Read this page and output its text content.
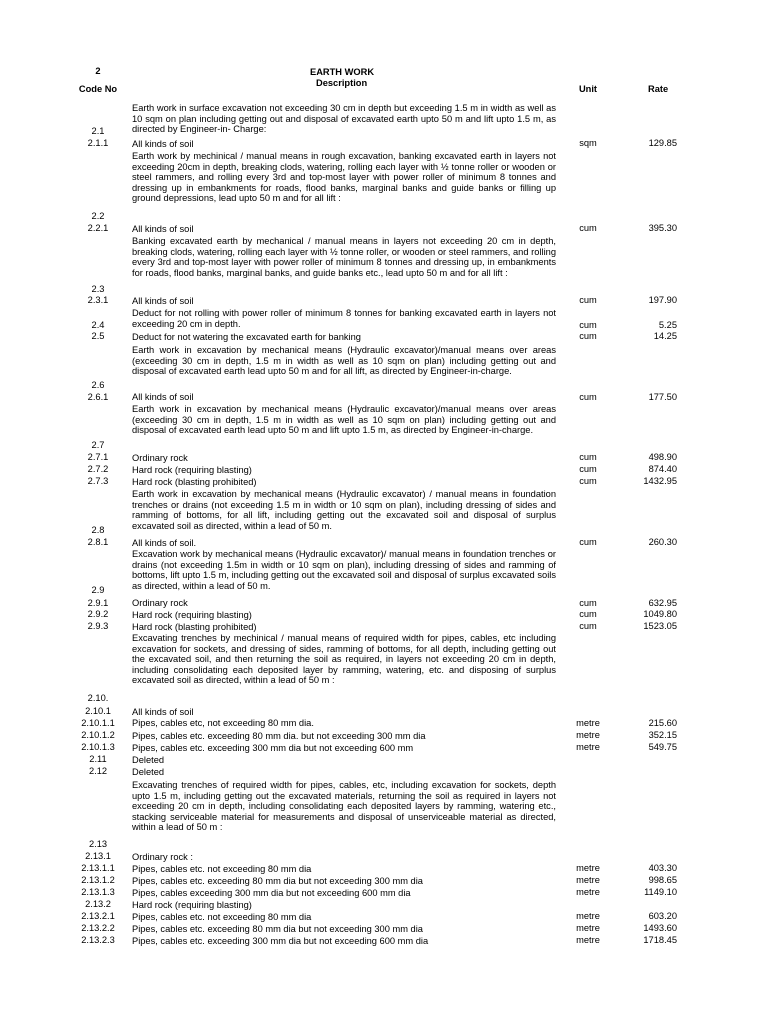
2
Code No
EARTH WORK
Description
Unit	Rate
Earth work in surface excavation not exceeding 30 cm in depth but exceeding 1.5 m in width as well as 10 sqm on plan including getting out and disposal of excavated earth upto 50 m and lift upto 1.5 m, as directed by Engineer-in- Charge:
2.1
2.1.1	All kinds of soil	sqm	129.85
Earth work by mechinical / manual means in rough excavation, banking excavated earth in layers not exceeding 20cm in depth, breaking clods, watering, rolling each layer with ½ tonne roller or wooden or steel rammers, and rolling every 3rd and top-most layer with power roller of minimum 8 tonnes and dressing up in embankments for roads, flood banks, marginal banks and guide banks or filling up ground depressions, lead upto 50 m and for all lift :
2.2
2.2.1	All kinds of soil	cum	395.30
Banking excavated earth by mechanical / manual means in layers not exceeding 20 cm in depth, breaking clods, watering, rolling each layer with ½ tonne roller, or wooden or steel rammers, and rolling every 3rd and top-most layer with power roller of minimum 8 tonnes and dressing up, in embankments for roads, flood banks, marginal banks, and guide banks etc., lead upto 50 m and for all lift :
2.3
2.3.1	All kinds of soil	cum	197.90
Deduct for not rolling with power roller of minimum 8 tonnes for banking excavated earth in layers not exceeding 20 cm in depth.
2.4	cum	5.25
2.5	Deduct for not watering the excavated earth for banking	cum	14.25
Earth work in excavation by mechanical means (Hydraulic excavator)/manual means over areas (exceeding 30 cm in depth, 1.5 m in width as well as 10 sqm on plan) including getting out and disposal of excavated earth lead upto 50 m and for all lift, as directed by Engineer-in-charge.
2.6
2.6.1	All kinds of soil	cum	177.50
Earth work in excavation by mechanical means (Hydraulic excavator)/manual means over areas (exceeding 30 cm in depth, 1.5 m in width as well as 10 sqm on plan) including getting out and disposal of excavated earth lead upto 50 m and lift upto 1.5 m, as directed by Engineer-in-charge.
2.7
2.7.1	Ordinary rock	cum	498.90
2.7.2	Hard rock (requiring blasting)	cum	874.40
2.7.3	Hard rock (blasting prohibited)	cum	1432.95
Earth work in excavation by mechanical means (Hydraulic excavator) / manual means in foundation trenches or drains (not exceeding 1.5 m in width or 10 sqm on plan), including dressing of sides and ramming of bottoms, for all lift, including getting out the excavated soil and disposal of surplus excavated soil as directed, within a lead of 50 m.
2.8
2.8.1	All kinds of soil.	cum	260.30
Excavation work by mechanical means (Hydraulic excavator)/ manual means in foundation trenches or drains (not exceeding 1.5m in width or 10 sqm on plan), including dressing of sides and ramming of bottoms, lift upto 1.5 m, including getting out the excavated soil and disposal of surplus excavated soils as directed, within a lead of 50 m.
2.9
2.9.1	Ordinary rock	cum	632.95
2.9.2	Hard rock (requiring blasting)	cum	1049.80
2.9.3	Hard rock (blasting prohibited)	cum	1523.05
Excavating trenches by mechinical / manual means of required width for pipes, cables, etc including excavation for sockets, and dressing of sides, ramming of bottoms, for all depth, including getting out the excavated soil, and then returning the soil as required, in layers not exceeding 20 cm in depth, including consolidating each deposited layer by ramming, watering, etc. and disposing of surplus excavated soil as directed, within a lead of 50 m :
2.10.
2.10.1	All kinds of soil
2.10.1.1	Pipes, cables etc, not exceeding 80 mm dia.	metre	215.60
2.10.1.2	Pipes, cables etc. exceeding 80 mm dia. but not exceeding 300 mm dia	metre	352.15
2.10.1.3	Pipes, cables etc. exceeding 300 mm dia but not exceeding 600 mm	metre	549.75
2.11	Deleted
2.12	Deleted
Excavating trenches of required width for pipes, cables, etc, including excavation for sockets, depth upto 1.5 m, including getting out the excavated materials, returning the soil as required in layers not exceeding 20 cm in depth, including consolidating each deposited layers by ramming, watering etc., stacking serviceable material for measurements and disposal of unserviceable material as directed, within a lead of 50 m :
2.13
2.13.1	Ordinary rock :
2.13.1.1	Pipes, cables etc. not exceeding 80 mm dia	metre	403.30
2.13.1.2	Pipes, cables etc. exceeding 80 mm dia but not exceeding 300 mm dia	metre	998.65
2.13.1.3	Pipes, cables exceeding 300 mm dia but not exceeding 600 mm dia	metre	1149.10
2.13.2	Hard rock (requiring blasting)
2.13.2.1	Pipes, cables etc. not exceeding 80 mm dia	metre	603.20
2.13.2.2	Pipes, cables etc. exceeding 80 mm dia but not exceeding 300 mm dia	metre	1493.60
2.13.2.3	Pipes, cables etc. exceeding 300 mm dia but not exceeding 600 mm dia	metre	1718.45
